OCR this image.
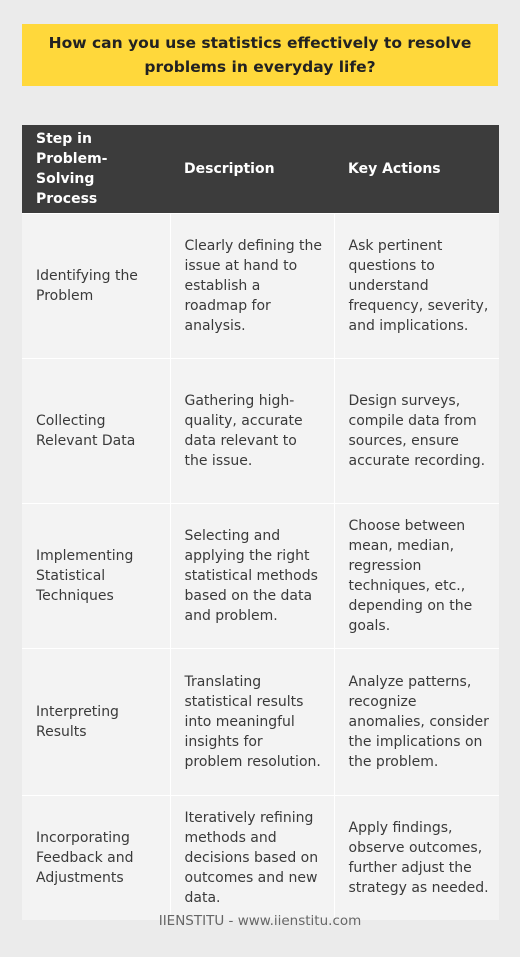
How can you use statistics effectively to resolve problems in everyday life?
Step in Problem-Solving Process	Description	Key Actions
Identifying the Problem	Clearly defining the issue at hand to establish a roadmap for analysis.	Ask pertinent questions to understand frequency, severity, and implications.
Collecting Relevant Data	Gathering high-quality, accurate data relevant to the issue.	Design surveys, compile data from sources, ensure accurate recording.
Implementing Statistical Techniques	Selecting and applying the right statistical methods based on the data and problem.	Choose between mean, median, regression techniques, etc., depending on the goals.
Interpreting Results	Translating statistical results into meaningful insights for problem resolution.	Analyze patterns, recognize anomalies, consider the implications on the problem.
Incorporating Feedback and Adjustments	Iteratively refining methods and decisions based on outcomes and new data.	Apply findings, observe outcomes, further adjust the strategy as needed.
IIENSTITU - www.iienstitu.com
